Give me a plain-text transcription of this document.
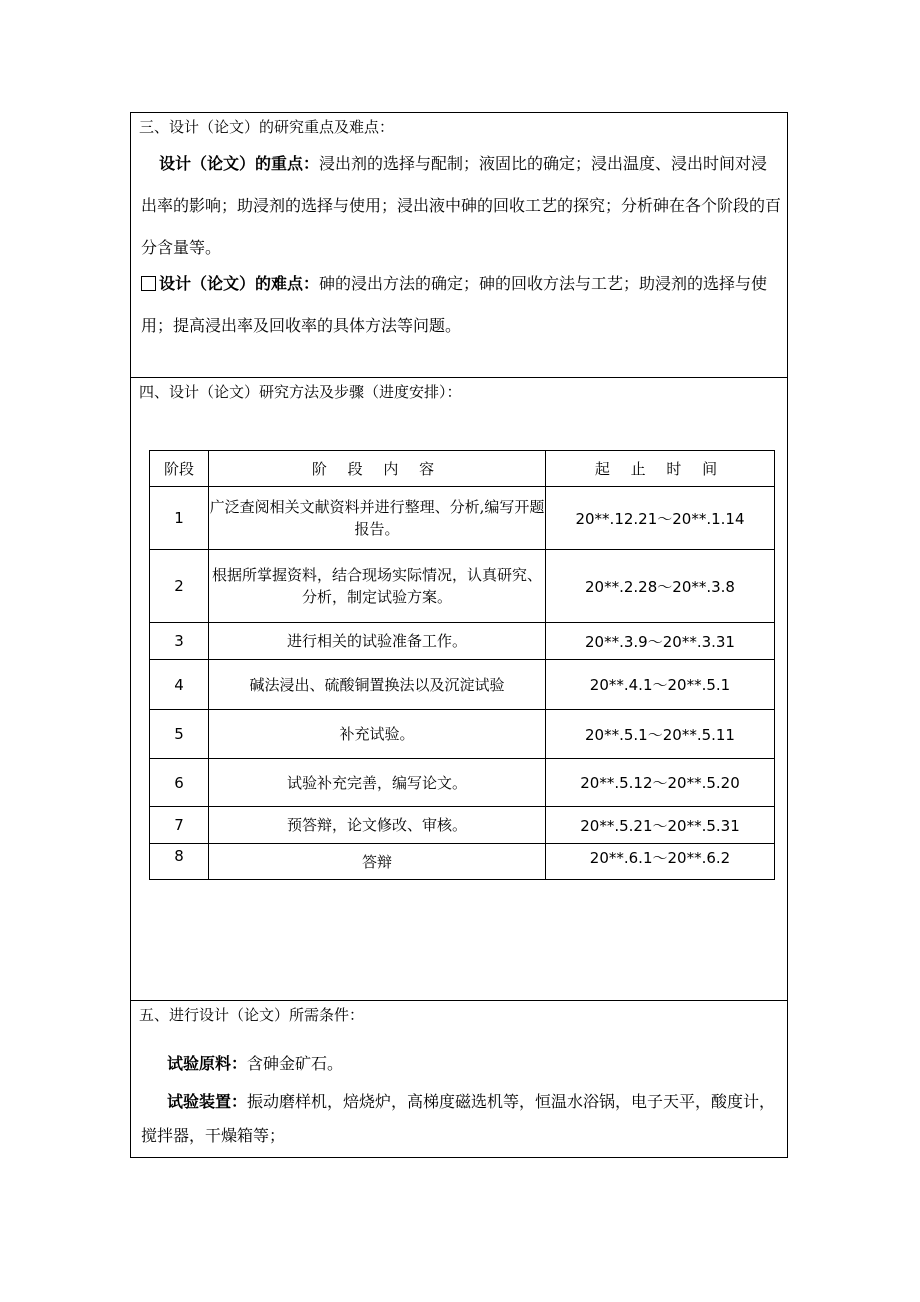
三、设计（论文）的研究重点及难点：
设计（论文）的重点：浸出剂的选择与配制；液固比的确定；浸出温度、浸出时间对浸出率的影响；助浸剂的选择与使用；浸出液中砷的回收工艺的探究；分析砷在各个阶段的百分含量等。
设计（论文）的难点：砷的浸出方法的确定；砷的回收方法与工艺；助浸剂的选择与使用；提高浸出率及回收率的具体方法等问题。
四、设计（论文）研究方法及步骤（进度安排）：
阶段	阶 段 内 容	起 止 时 间
1	广泛查阅相关文献资料并进行整理、分析,编写开题报告。	20**.12.21～20**.1.14
2	根据所掌握资料，结合现场实际情况，认真研究、分析，制定试验方案。	20**.2.28～20**.3.8
3	进行相关的试验准备工作。	20**.3.9～20**.3.31
4	碱法浸出、硫酸铜置换法以及沉淀试验	20**.4.1～20**.5.1
5	补充试验。	20**.5.1～20**.5.11
6	试验补充完善，编写论文。	20**.5.12～20**.5.20
7	预答辩，论文修改、审核。	20**.5.21～20**.5.31
8	答辩	20**.6.1～20**.6.2
五、进行设计（论文）所需条件：
试验原料：含砷金矿石。
试验装置：振动磨样机，焙烧炉，高梯度磁选机等，恒温水浴锅，电子天平，酸度计，搅拌器，干燥箱等；
